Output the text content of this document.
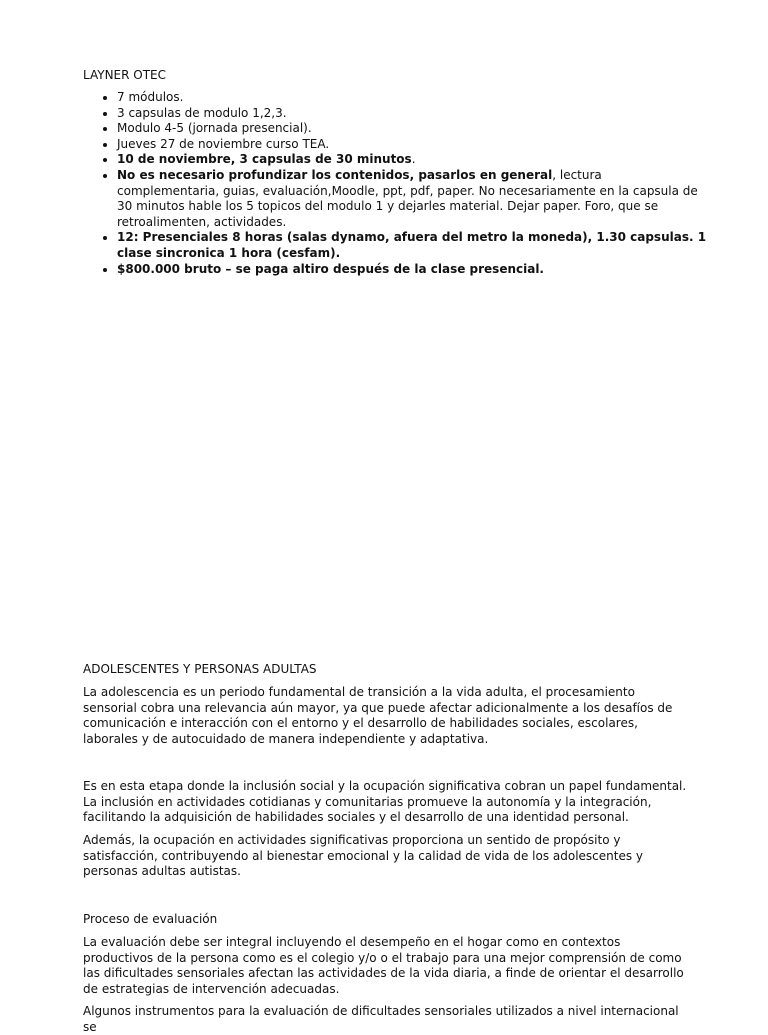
LAYNER OTEC
• 7 módulos.
• 3 capsulas de modulo 1,2,3.
• Modulo 4-5 (jornada presencial).
• Jueves 27 de noviembre curso TEA.
• 10 de noviembre, 3 capsulas de 30 minutos.
• No es necesario profundizar los contenidos, pasarlos en general, lectura complementaria, guias, evaluación,Moodle, ppt, pdf, paper. No necesariamente en la capsula de 30 minutos hable los 5 topicos del modulo 1 y dejarles material. Dejar paper. Foro, que se retroalimenten, actividades.
• 12: Presenciales 8 horas (salas dynamo, afuera del metro la moneda), 1.30 capsulas. 1 clase sincronica 1 hora (cesfam).
• $800.000 bruto – se paga altiro después de la clase presencial.
ADOLESCENTES Y PERSONAS ADULTAS

La adolescencia es un periodo fundamental de transición a la vida adulta, el procesamiento sensorial cobra una relevancia aún mayor, ya que puede afectar adicionalmente a los desafíos de comunicación e interacción con el entorno y el desarrollo de habilidades sociales, escolares, laborales y de autocuidado de manera independiente y adaptativa.

Es en esta etapa donde la inclusión social y la ocupación significativa cobran un papel fundamental. La inclusión en actividades cotidianas y comunitarias promueve la autonomía y la integración, facilitando la adquisición de habilidades sociales y el desarrollo de una identidad personal.

Además, la ocupación en actividades significativas proporciona un sentido de propósito y satisfacción, contribuyendo al bienestar emocional y la calidad de vida de los adolescentes y personas adultas autistas.

Proceso de evaluación

La evaluación debe ser integral incluyendo el desempeño en el hogar como en contextos productivos de la persona como es el colegio y/o o el trabajo para una mejor comprensión de como las dificultades sensoriales afectan las actividades de la vida diaria, a finde de orientar el desarrollo de estrategias de intervención adecuadas.

Algunos instrumentos para la evaluación de dificultades sensoriales utilizados a nivel internacional se
